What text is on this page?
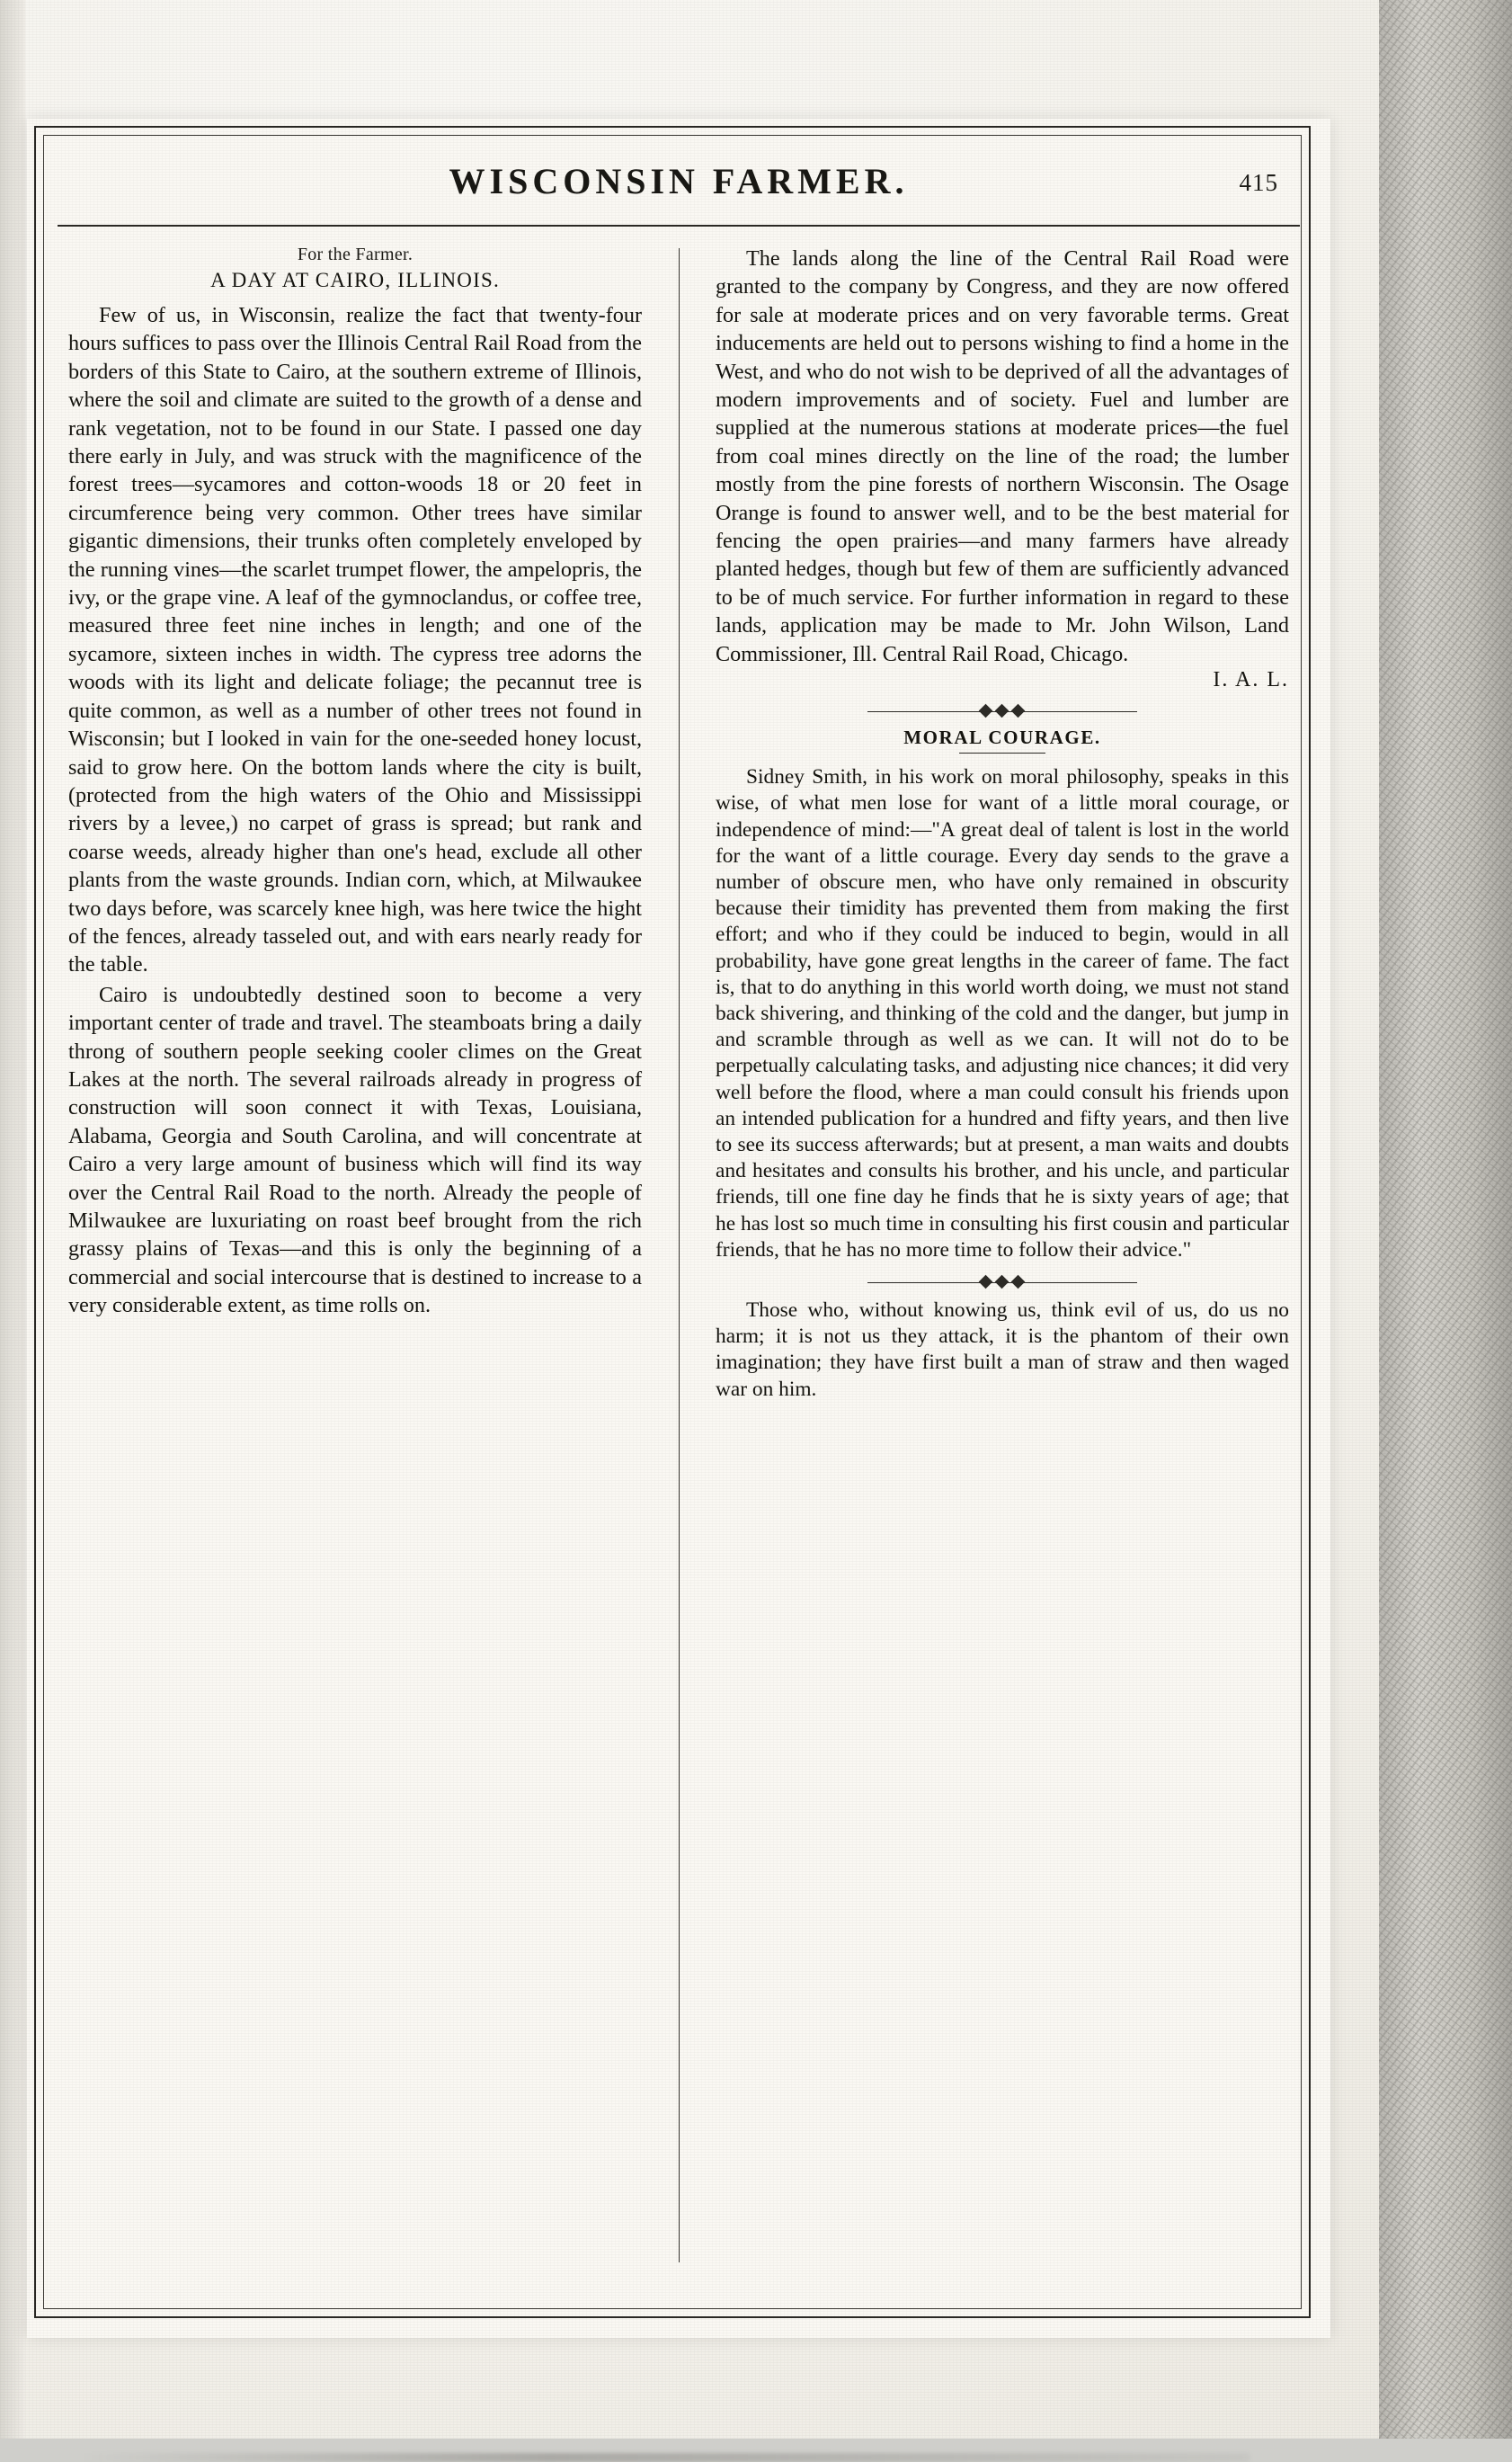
WISCONSIN FARMER.	415
For the Farmer.
A DAY AT CAIRO, ILLINOIS.

Few of us, in Wisconsin, realize the fact that twenty-four hours suffices to pass over the Illinois Central Rail Road from the borders of this State to Cairo, at the southern extreme of Illinois, where the soil and climate are suited to the growth of a dense and rank vegetation, not to be found in our State. I passed one day there early in July, and was struck with the magnificence of the forest trees—sycamores and cotton-woods 18 or 20 feet in circumference being very common. Other trees have similar gigantic dimensions, their trunks often completely enveloped by the running vines—the scarlet trumpet flower, the ampelopris, the ivy, or the grape vine. A leaf of the gymnoclandus, or coffee tree, measured three feet nine inches in length; and one of the sycamore, sixteen inches in width. The cypress tree adorns the woods with its light and delicate foliage; the pecannut tree is quite common, as well as a number of other trees not found in Wisconsin; but I looked in vain for the one-seeded honey locust, said to grow here. On the bottom lands where the city is built, (protected from the high waters of the Ohio and Mississippi rivers by a levee,) no carpet of grass is spread; but rank and coarse weeds, already higher than one's head, exclude all other plants from the waste grounds. Indian corn, which, at Milwaukee two days before, was scarcely knee high, was here twice the hight of the fences, already tasseled out, and with ears nearly ready for the table.

Cairo is undoubtedly destined soon to become a very important center of trade and travel. The steamboats bring a daily throng of southern people seeking cooler climes on the Great Lakes at the north. The several railroads already in progress of construction will soon connect it with Texas, Louisiana, Alabama, Georgia and South Carolina, and will concentrate at Cairo a very large amount of business which will find its way over the Central Rail Road to the north. Already the people of Milwaukee are luxuriating on roast beef brought from the rich grassy plains of Texas—and this is only the beginning of a commercial and social intercourse that is destined to increase to a very considerable extent, as time rolls on.

The lands along the line of the Central Rail Road were granted to the company by Congress, and they are now offered for sale at moderate prices and on very favorable terms. Great inducements are held out to persons wishing to find a home in the West, and who do not wish to be deprived of all the advantages of modern improvements and of society. Fuel and lumber are supplied at the numerous stations at moderate prices—the fuel from coal mines directly on the line of the road; the lumber mostly from the pine forests of northern Wisconsin. The Osage Orange is found to answer well, and to be the best material for fencing the open prairies—and many farmers have already planted hedges, though but few of them are sufficiently advanced to be of much service. For further information in regard to these lands, application may be made to Mr. John Wilson, Land Commissioner, Ill. Central Rail Road, Chicago.

I. A. L.
MORAL COURAGE.

Sidney Smith, in his work on moral philosophy, speaks in this wise, of what men lose for want of a little moral courage, or independence of mind:—"A great deal of talent is lost in the world for the want of a little courage. Every day sends to the grave a number of obscure men, who have only remained in obscurity because their timidity has prevented them from making the first effort; and who if they could be induced to begin, would in all probability, have gone great lengths in the career of fame. The fact is, that to do anything in this world worth doing, we must not stand back shivering, and thinking of the cold and the danger, but jump in and scramble through as well as we can. It will not do to be perpetually calculating tasks, and adjusting nice chances; it did very well before the flood, where a man could consult his friends upon an intended publication for a hundred and fifty years, and then live to see its success afterwards; but at present, a man waits and doubts and hesitates and consults his brother, and his uncle, and particular friends, till one fine day he finds that he is sixty years of age; that he has lost so much time in consulting his first cousin and particular friends, that he has no more time to follow their advice."

Those who, without knowing us, think evil of us, do us no harm; it is not us they attack, it is the phantom of their own imagination; they have first built a man of straw and then waged war on him.
